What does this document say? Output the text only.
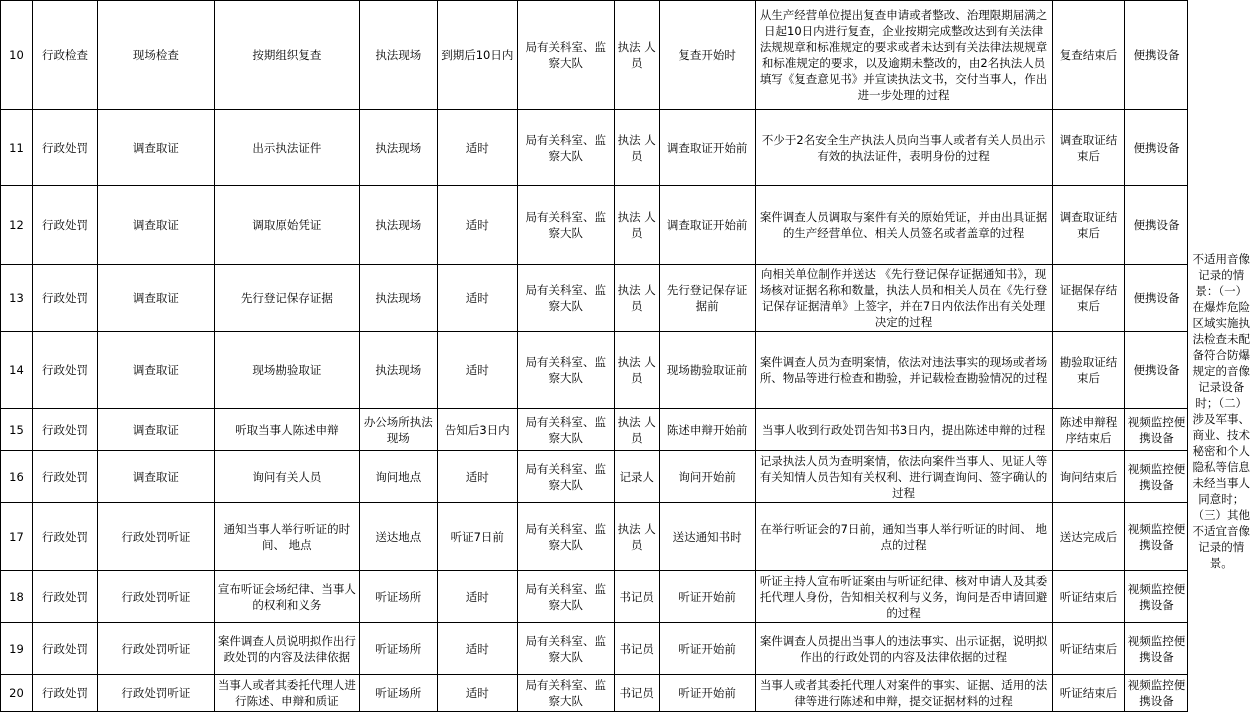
10	行政检查	现场检查	按期组织复查	执法现场	到期后10日内	局有关科室、监察大队	执法 人员	复查开始时	从生产经营单位提出复查申请或者整改、治理限期届满之日起10日内进行复查，企业按期完成整改达到有关法律法规规章和标准规定的要求或者未达到有关法律法规规章和标准规定的要求，以及逾期未整改的，由2名执法人员填写《复查意见书》并宣读执法文书，交付当事人，作出进一步处理的过程	复查结束后	便携设备	
11	行政处罚	调查取证	出示执法证件	执法现场	适时	局有关科室、监察大队	执法 人员	调查取证开始前	不少于2名安全生产执法人员向当事人或者有关人员出示有效的执法证件，表明身份的过程	调查取证结束后	便携设备	不适用音像记录的情景：（一）在爆炸危险区域实施执法检查未配备符合防爆规定的音像记录设备时；（二）涉及军事、商业、技术秘密和个人隐私等信息未经当事人同意时；（三）其他不适宜音像记录的情景。
12	行政处罚	调查取证	调取原始凭证	执法现场	适时	局有关科室、监察大队	执法 人员	调查取证开始前	案件调查人员调取与案件有关的原始凭证，并由出具证据的生产经营单位、相关人员签名或者盖章的过程	调查取证结束后	便携设备	
13	行政处罚	调查取证	先行登记保存证据	执法现场	适时	局有关科室、监察大队	执法 人员	先行登记保存证据前	向相关单位制作并送达 《先行登记保存证据通知书》，现场核对证据名称和数量，执法人员和相关人员在《先行登记保存证据清单》上签字，并在7日内依法作出有关处理决定的过程	证据保存结束后	便携设备	
14	行政处罚	调查取证	现场勘验取证	执法现场	适时	局有关科室、监察大队	执法 人员	现场勘验取证前	案件调查人员为查明案情，依法对违法事实的现场或者场所、物品等进行检查和勘验，并记载检查勘验情况的过程	勘验取证结束后	便携设备	
15	行政处罚	调查取证	听取当事人陈述申辩	办公场所执法现场	告知后3日内	局有关科室、监察大队	执法 人员	陈述申辩开始前	当事人收到行政处罚告知书3日内，提出陈述申辩的过程	陈述申辩程序结束后	视频监控便携设备	
16	行政处罚	调查取证	询问有关人员	询问地点	适时	局有关科室、监察大队	记录人	询问开始前	记录执法人员为查明案情，依法向案件当事人、见证人等有关知情人员告知有关权利、进行调查询问、签字确认的过程	询问结束后	视频监控便携设备	
17	行政处罚	行政处罚听证	通知当事人举行听证的时间、 地点	送达地点	听证7日前	局有关科室、监察大队	执法 人员	送达通知书时	在举行听证会的7日前，通知当事人举行听证的时间、 地点的过程	送达完成后	视频监控便携设备	
18	行政处罚	行政处罚听证	宣布听证会场纪律、当事人的权利和义务	听证场所	适时	局有关科室、监察大队	书记员	听证开始前	听证主持人宣布听证案由与听证纪律、核对申请人及其委托代理人身份，告知相关权利与义务，询问是否申请回避的过程	听证结束后	视频监控便携设备	
19	行政处罚	行政处罚听证	案件调查人员说明拟作出行政处罚的内容及法律依据	听证场所	适时	局有关科室、监察大队	书记员	听证开始前	案件调查人员提出当事人的违法事实、出示证据，说明拟作出的行政处罚的内容及法律依据的过程	听证结束后	视频监控便携设备	
20	行政处罚	行政处罚听证	当事人或者其委托代理人进行陈述、申辩和质证	听证场所	适时	局有关科室、监察大队	书记员	听证开始前	当事人或者其委托代理人对案件的事实、证据、适用的法律等进行陈述和申辩，提交证据材料的过程	听证结束后	视频监控便携设备	
